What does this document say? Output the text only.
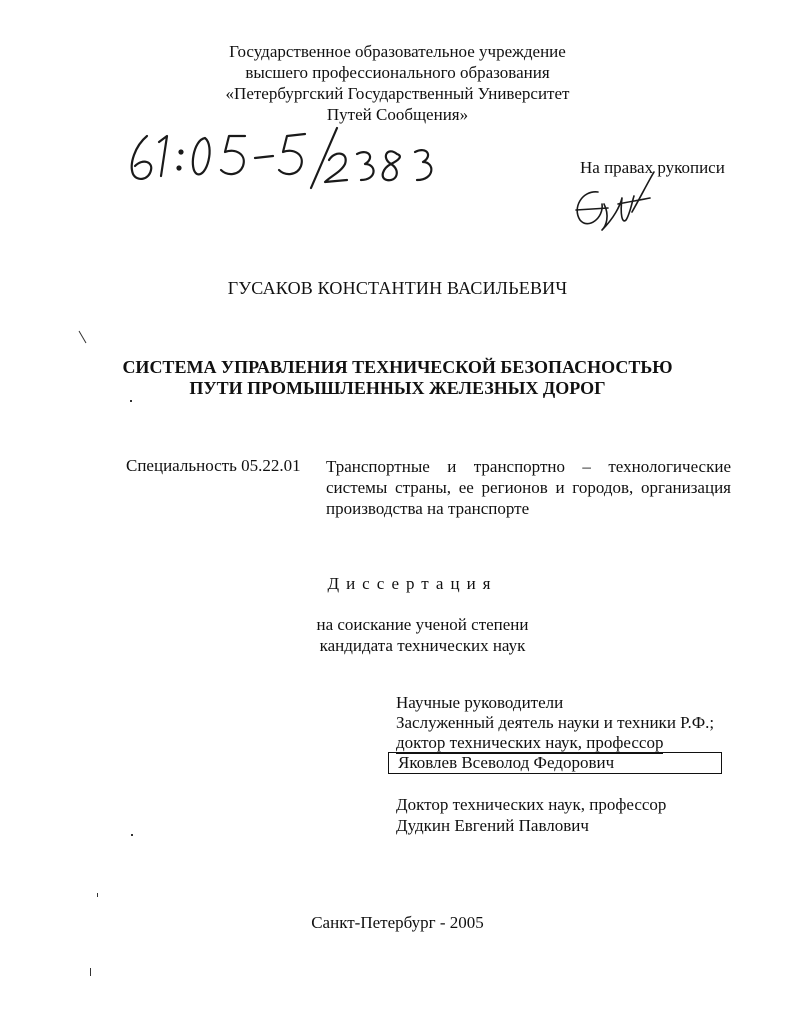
Государственное образовательное учреждение
высшего профессионального образования
«Петербургский Государственный Университет
Путей Сообщения»
На правах рукописи
ГУСАКОВ КОНСТАНТИН ВАСИЛЬЕВИЧ
СИСТЕМА УПРАВЛЕНИЯ ТЕХНИЧЕСКОЙ БЕЗОПАСНОСТЬЮ
ПУТИ ПРОМЫШЛЕННЫХ ЖЕЛЕЗНЫХ ДОРОГ
Специальность 05.22.01 Транспортные и транспортно – технологические
системы страны, ее регионов и городов, организация
производства на транспорте
Диссертация
на соискание ученой степени
кандидата технических наук
Научные руководители
Заслуженный деятель науки и техники Р.Ф.;
доктор технических наук, профессор
Яковлев Всеволод Федорович
Доктор технических наук, профессор
Дудкин Евгений Павлович
Санкт-Петербург - 2005
